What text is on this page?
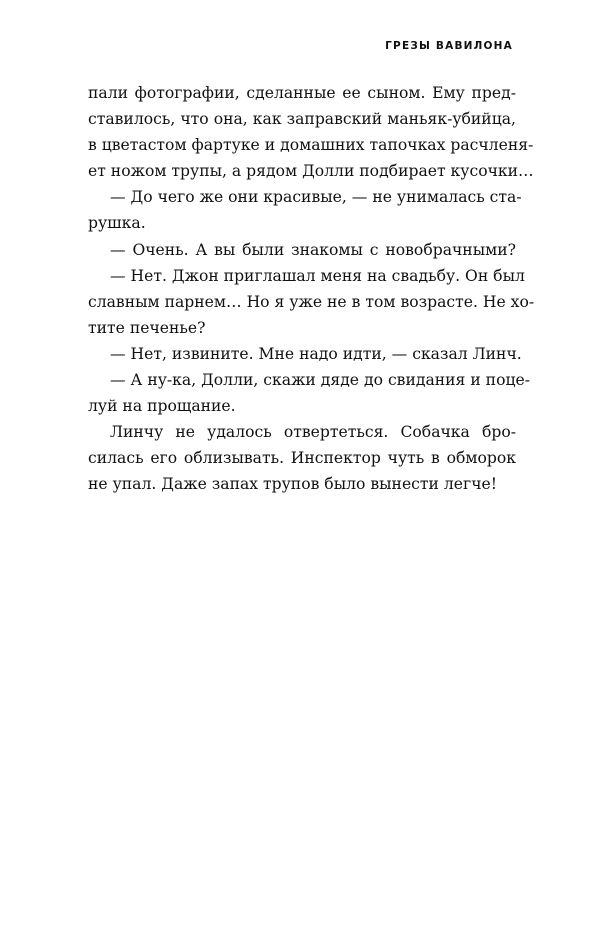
ГРЕЗЫ ВАВИЛОНА
пали фотографии, сделанные ее сыном. Ему пред-
ставилось, что она, как заправский маньяк-убийца,
в цветастом фартуке и домашних тапочках расчленя-
ет ножом трупы, а рядом Долли подбирает кусочки…
— До чего же они красивые, — не унималась ста-
рушка.
— Очень. А вы были знакомы с новобрачными?
— Нет. Джон приглашал меня на свадьбу. Он был
славным парнем… Но я уже не в том возрасте. Не хо-
тите печенье?
— Нет, извините. Мне надо идти, — сказал Линч.
— А ну-ка, Долли, скажи дяде до свидания и поце-
луй на прощание.
Линчу не удалось отвертеться. Собачка бро-
силась его облизывать. Инспектор чуть в обморок
не упал. Даже запах трупов было вынести легче!
